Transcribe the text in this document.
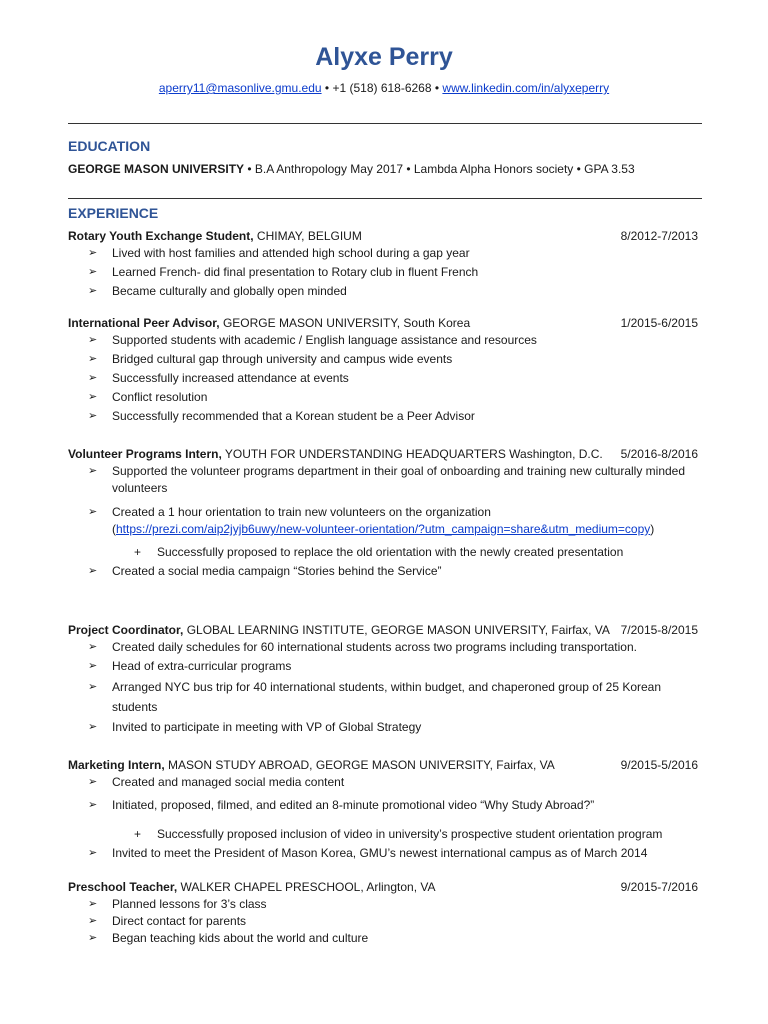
Alyxe Perry
aperry11@masonlive.gmu.edu • +1 (518) 618-6268 • www.linkedin.com/in/alyxeperry
EDUCATION
GEORGE MASON UNIVERSITY • B.A Anthropology May 2017 • Lambda Alpha Honors society • GPA 3.53
EXPERIENCE
Rotary Youth Exchange Student, CHIMAY, BELGIUM	8/2012-7/2013
➢ Lived with host families and attended high school during a gap year
➢ Learned French- did final presentation to Rotary club in fluent French
➢ Became culturally and globally open minded
International Peer Advisor, GEORGE MASON UNIVERSITY, South Korea	1/2015-6/2015
➢ Supported students with academic / English language assistance and resources
➢ Bridged cultural gap through university and campus wide events
➢ Successfully increased attendance at events
➢ Conflict resolution
➢ Successfully recommended that a Korean student be a Peer Advisor
Volunteer Programs Intern, YOUTH FOR UNDERSTANDING HEADQUARTERS Washington, D.C. 5/2016-8/2016
➢ Supported the volunteer programs department in their goal of onboarding and training new culturally minded volunteers
➢ Created a 1 hour orientation to train new volunteers on the organization
(https://prezi.com/aip2jyjb6uwy/new-volunteer-orientation/?utm_campaign=share&utm_medium=copy)
+ Successfully proposed to replace the old orientation with the newly created presentation
➢ Created a social media campaign “Stories behind the Service”
Project Coordinator, GLOBAL LEARNING INSTITUTE, GEORGE MASON UNIVERSITY, Fairfax, VA 7/2015-8/2015
➢ Created daily schedules for 60 international students across two programs including transportation.
➢ Head of extra-curricular programs
➢ Arranged NYC bus trip for 40 international students, within budget, and chaperoned group of 25 Korean students
➢ Invited to participate in meeting with VP of Global Strategy
Marketing Intern, MASON STUDY ABROAD, GEORGE MASON UNIVERSITY, Fairfax, VA	9/2015-5/2016
➢ Created and managed social media content
➢ Initiated, proposed, filmed, and edited an 8-minute promotional video “Why Study Abroad?”
+ Successfully proposed inclusion of video in university’s prospective student orientation program
➢ Invited to meet the President of Mason Korea, GMU’s newest international campus as of March 2014
Preschool Teacher, WALKER CHAPEL PRESCHOOL, Arlington, VA	9/2015-7/2016
➢ Planned lessons for 3’s class
➢ Direct contact for parents
➢ Began teaching kids about the world and culture
